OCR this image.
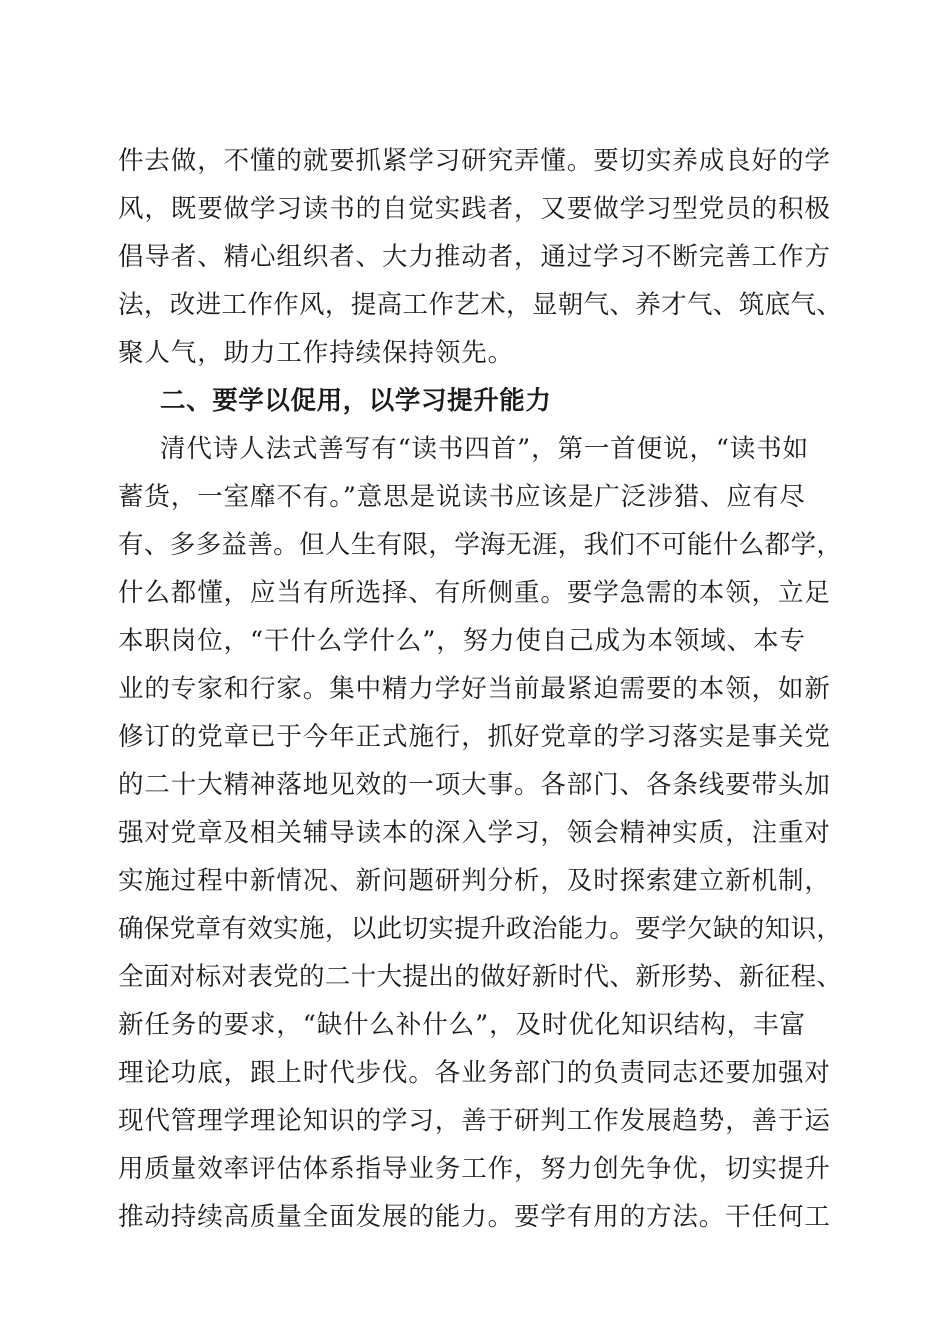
件去做，不懂的就要抓紧学习研究弄懂。要切实养成良好的学
风，既要做学习读书的自觉实践者，又要做学习型党员的积极
倡导者、精心组织者、大力推动者，通过学习不断完善工作方
法，改进工作作风，提高工作艺术，显朝气、养才气、筑底气、
聚人气，助力工作持续保持领先。
二、要学以促用，以学习提升能力
清代诗人法式善写有“读书四首”，第一首便说，“读书如
蓄货，一室靡不有。”意思是说读书应该是广泛涉猎、应有尽
有、多多益善。但人生有限，学海无涯，我们不可能什么都学，
什么都懂，应当有所选择、有所侧重。要学急需的本领，立足
本职岗位，“干什么学什么”，努力使自己成为本领域、本专
业的专家和行家。集中精力学好当前最紧迫需要的本领，如新
修订的党章已于今年正式施行，抓好党章的学习落实是事关党
的二十大精神落地见效的一项大事。各部门、各条线要带头加
强对党章及相关辅导读本的深入学习，领会精神实质，注重对
实施过程中新情况、新问题研判分析，及时探索建立新机制，
确保党章有效实施，以此切实提升政治能力。要学欠缺的知识，
全面对标对表党的二十大提出的做好新时代、新形势、新征程、
新任务的要求，“缺什么补什么”，及时优化知识结构，丰富
理论功底，跟上时代步伐。各业务部门的负责同志还要加强对
现代管理学理论知识的学习，善于研判工作发展趋势，善于运
用质量效率评估体系指导业务工作，努力创先争优，切实提升
推动持续高质量全面发展的能力。要学有用的方法。干任何工
